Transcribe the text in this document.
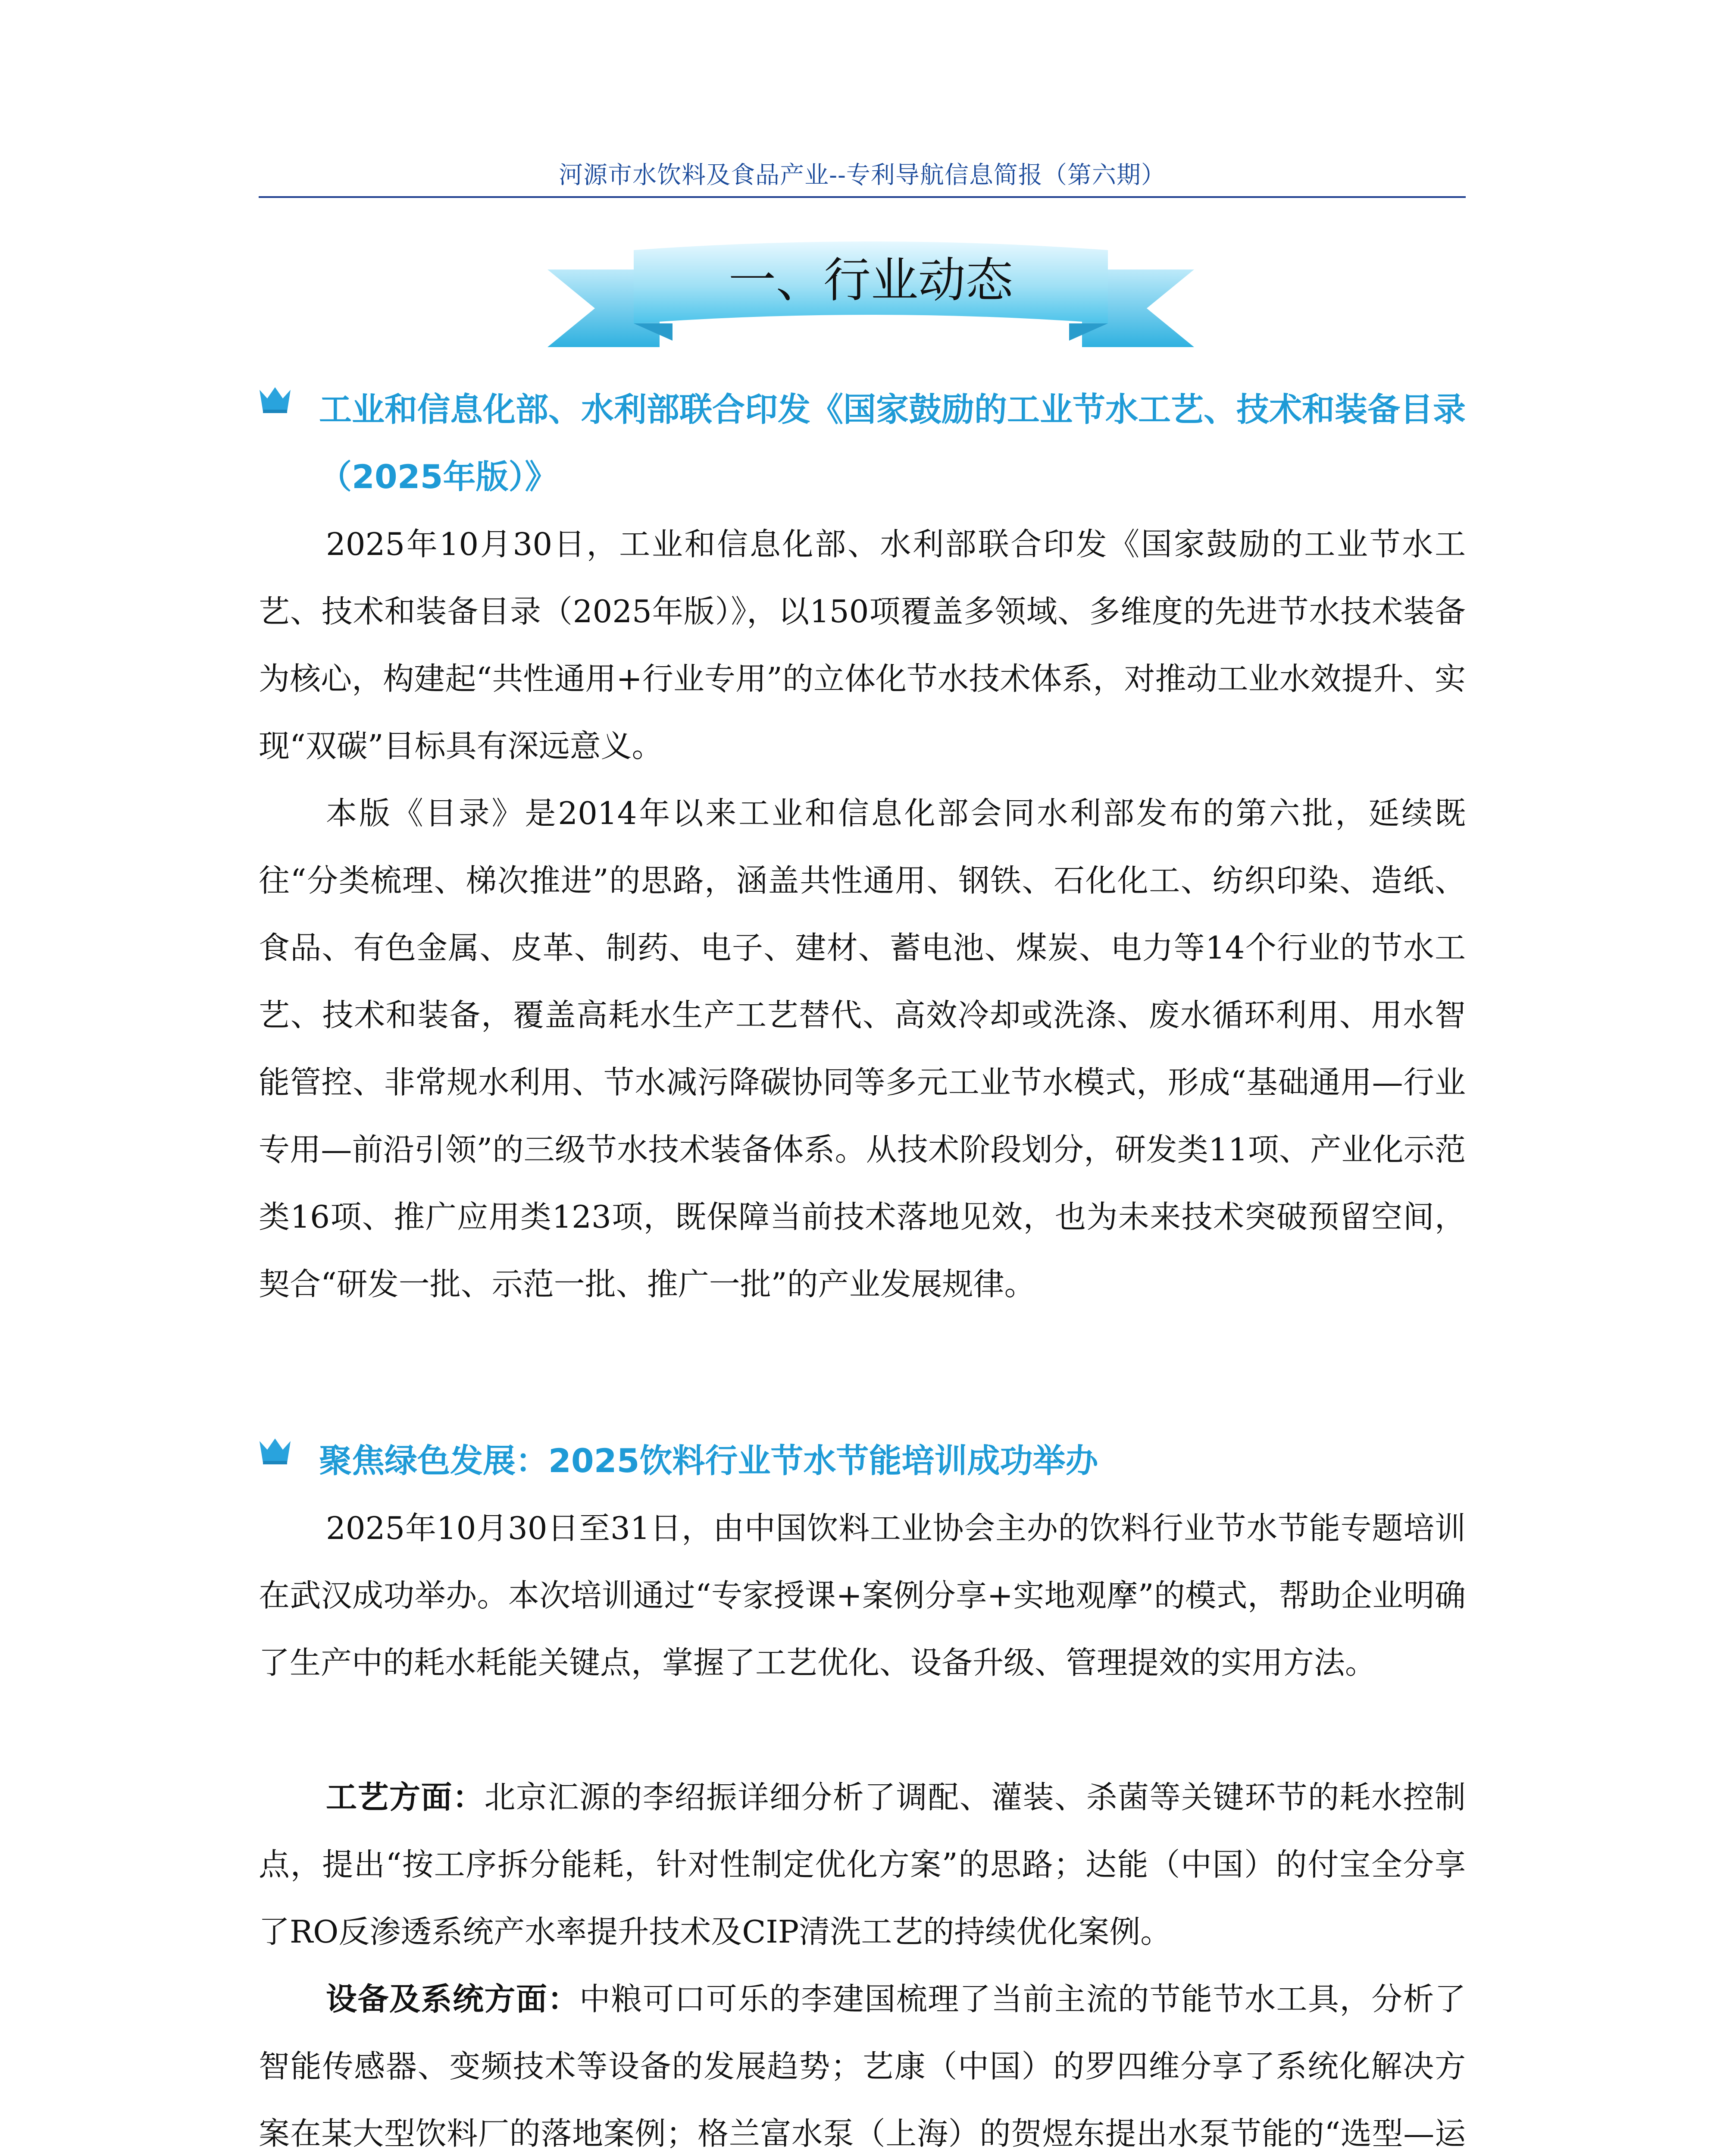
河源市水饮料及食品产业--专利导航信息简报（第六期）
一、行业动态
工业和信息化部、水利部联合印发《国家鼓励的工业节水工艺、技术和装备目录（2025年版）》

2025年10月30日，工业和信息化部、水利部联合印发《国家鼓励的工业节水工艺、技术和装备目录（2025年版）》，以150项覆盖多领域、多维度的先进节水技术装备为核心，构建起“共性通用+行业专用”的立体化节水技术体系，对推动工业水效提升、实现“双碳”目标具有深远意义。

本版《目录》是2014年以来工业和信息化部会同水利部发布的第六批，延续既往“分类梳理、梯次推进”的思路，涵盖共性通用、钢铁、石化化工、纺织印染、造纸、食品、有色金属、皮革、制药、电子、建材、蓄电池、煤炭、电力等14个行业的节水工艺、技术和装备，覆盖高耗水生产工艺替代、高效冷却或洗涤、废水循环利用、用水智能管控、非常规水利用、节水减污降碳协同等多元工业节水模式，形成“基础通用—行业专用—前沿引领”的三级节水技术装备体系。从技术阶段划分，研发类11项、产业化示范类16项、推广应用类123项，既保障当前技术落地见效，也为未来技术突破预留空间，契合“研发一批、示范一批、推广一批”的产业发展规律。

聚焦绿色发展：2025饮料行业节水节能培训成功举办

2025年10月30日至31日，由中国饮料工业协会主办的饮料行业节水节能专题培训在武汉成功举办。本次培训通过“专家授课+案例分享+实地观摩”的模式，帮助企业明确了生产中的耗水耗能关键点，掌握了工艺优化、设备升级、管理提效的实用方法。

工艺方面：北京汇源的李绍振详细分析了调配、灌装、杀菌等关键环节的耗水控制点，提出“按工序拆分能耗，针对性制定优化方案”的思路；达能（中国）的付宝全分享了RO反渗透系统产水率提升技术及CIP清洗工艺的持续优化案例。

设备及系统方面：中粮可口可乐的李建国梳理了当前主流的节能节水工具，分析了智能传感器、变频技术等设备的发展趋势；艺康（中国）的罗四维分享了系统化解决方案在某大型饮料厂的落地案例；格兰富水泵（上海）的贺煜东提出水泵节能的“选型—运
